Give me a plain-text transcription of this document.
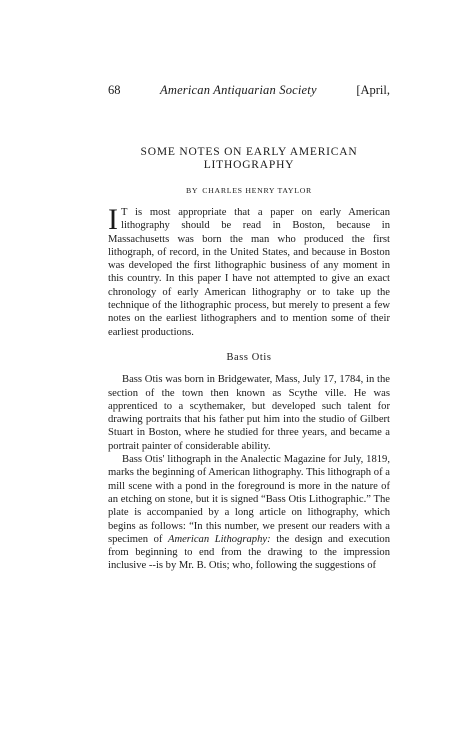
68	American Antiquarian Society	[April,
SOME NOTES ON EARLY AMERICAN
LITHOGRAPHY
BY CHARLES HENRY TAYLOR

I T is most appropriate that a paper on early American lithography should be read in Boston, because in Massachusetts was born the man who produced the first lithograph, of record, in the United States, and because in Boston was developed the first lithographic business of any moment in this country. In this paper I have not attempted to give an exact chronology of early American lithography or to take up the technique of the lithographic process, but merely to present a few notes on the earliest lithographers and to mention some of their earliest productions.

Bass Otis

Bass Otis was born in Bridgewater, Mass, July 17, 1784, in the section of the town then known as Scythe ville. He was apprenticed to a scythemaker, but developed such talent for drawing portraits that his father put him into the studio of Gilbert Stuart in Boston, where he studied for three years, and became a portrait painter of considerable ability.

Bass Otis' lithograph in the Analectic Magazine for July, 1819, marks the beginning of American lithography. This lithograph of a mill scene with a pond in the foreground is more in the nature of an etching on stone, but it is signed “Bass Otis Lithographic.” The plate is accompanied by a long article on lithography, which begins as follows: “In this number, we present our readers with a specimen of American Lithography: the design and execution from beginning to end from the drawing to the impression inclusive --is by Mr. B. Otis; who, following the suggestions of
